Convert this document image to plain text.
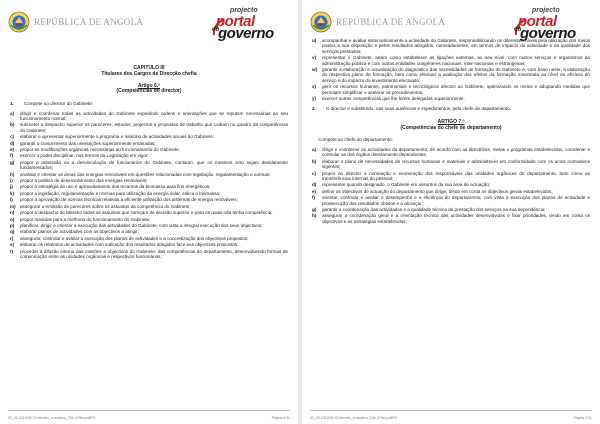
REPÚBLICA DE ANGOLA
projecto
portal
do
governo
CAPITULO III
Titulares dos Cargos de Direcção chefia
Artigo 6.º
(Competências do director)
1. Compete ao director do Gabinete:
a) dirigir e coordenar todas as actividades do Gabinete expedindo ordens e orientações que se reputem necessárias ao seu funcionamento normal;
b) submeter a despacho superior os pareceres, estudos, projectos e propostas de trabalho que caibam no quadro de competências do Gabinete;
c) elaborar e apresentar superiormente o programa e relatório de actividades anuais do Gabinete;
d) garantir o cumprimento das orientações superiormente emanadas;
e) propor as modificações orgânicas necessárias ao funcionamento do Gabinete;
f) exercer o poder disciplinar, nos termos da Legislação em vigor;
g) propor a admissão ou a desvinculação de funcionários do Gabinete, contanto, que os mesmos acto sejam devidamente fundamentados;
h) analisar e orientar as áreas das energias renováveis em questões relacionadas com legislação, regulamentação e normas;
i) propor a política de desenvolvimento das energias renováveis;
j) propor a estratégia de uso e aproveitamento dos recursos da biomassa para fins energéticos;
k) propor a legislação, regulamentação e normas para utilização da energia solar, eólica e biomassa;
l) propor a aprovação de normas técnicas relativas à eficiente utilização dos sistemas de energia renováveis;
m) assegurar a emissão de pareceres sobre os assuntos da competência do Gabinete;
n) propor a despacho do Ministro todos os assuntos que careçam de decisão superior e para os quais não tenha competência;
o) propor medidas para a melhoria do funcionamento do Gabinete;
p) planificar, dirigir e orientar a execução das actividades do Gabinete, com vista a integral execução dos seus objectivos;
q) elaborar planos de actividades com os objectivos a atingir;
r) assegurar, controlar e avaliar a execução dos planos de actividades e a concretização dos objectivos propostos;
s) elaborar os relatórios de actividades com indicação dos resultados atingidos face aos objectivos propostos;
t) proceder à difusão interna das missões e objectivos do Gabinete, das competências do departamento, desenvolvendo formas de comunicação entre as unidades orgânicas e respectivos funcionários;
02_03-2010/35 23 decreto_executivo_234_9 Rel.pdf/PG	Página 6/11
REPÚBLICA DE ANGOLA
projecto
portal
do
governo
u) acompanhar e avaliar sistematicamente a actividade do Gabinete, responsabilizando os diferentes níveis pela utilização dos meios postos a sua disposição e pelos resultados atingidos, nomeadamente, em termos de impacto da actividade e da qualidade dos serviços prestados;
v) representar o Gabinete, assim como estabelecer as ligações externas, ao seu nível, com outros serviços e organismos da administração pública e com outras entidades congéneres nacionais, inter-nacionais e estrangeiras;
w) garantir a elaboração e actualização do diagnóstico das necessidades de formação do Gabinete e, com base neste, a elaboração do respectivo plano de formação, bem como efectuar a avaliação dos efeitos da formação ministrada ao nível da eficácia do serviço e do impacto do investimento efectuado;
x) gerir os recursos humanos, patrimoniais e tecnológicos afectos ao Gabinete, optimizando os meios e adoptando medidas que permitam simplificar e acelerar os procedimentos;
y) exercer outras competências que lhe forem delegadas superiormente.
2. O director e substituído, nas suas ausências e impedimentos, pelo chefe de departamento.
ARTIGO 7.º
(Competências do chefe de departamento)
Compete ao chefe do departamento:
a) dirigir e coordenar as actividades do departamento, de acordo com as directrizes, metas e programas estabelecidos, coordenar e controlar as dos órgãos directamente dependentes;
b) elaborar o plano de necessidades de recursos humanos e materiais e administra-lo em conformidade com os actos normativos vigentes;
c) propor ao director a nomeação e exoneração dos responsáveis das unidades orgânicas do departamento, bem como as transferências internas do pessoal;
d) representar quando designado, o Gabinete em assuntos da sua área de actuação;
e) definir os objectivos de actuação do departamento que dirige, tendo em conta os objectivos gerais estabelecidos;
f) orientar, controlar e avaliar o desempenho e a eficiência do departamento, com vista a execução dos planos de actividade e prossecução dos resultados obtidos e a alcançar;
g) garantir a coordenação das actividades e a qualidade técnica da prestação dos serviços na sua dependência;
h) assegurar a coordenação geral e a orientação técnica das actividades desenvolvidas e fixar prioridades, tendo em conta os objectivos e as estratégias estabelecidos;
02_03-2010/35 23 decreto_executivo_234_9 Rel.pdf/PG	Página 7/11
